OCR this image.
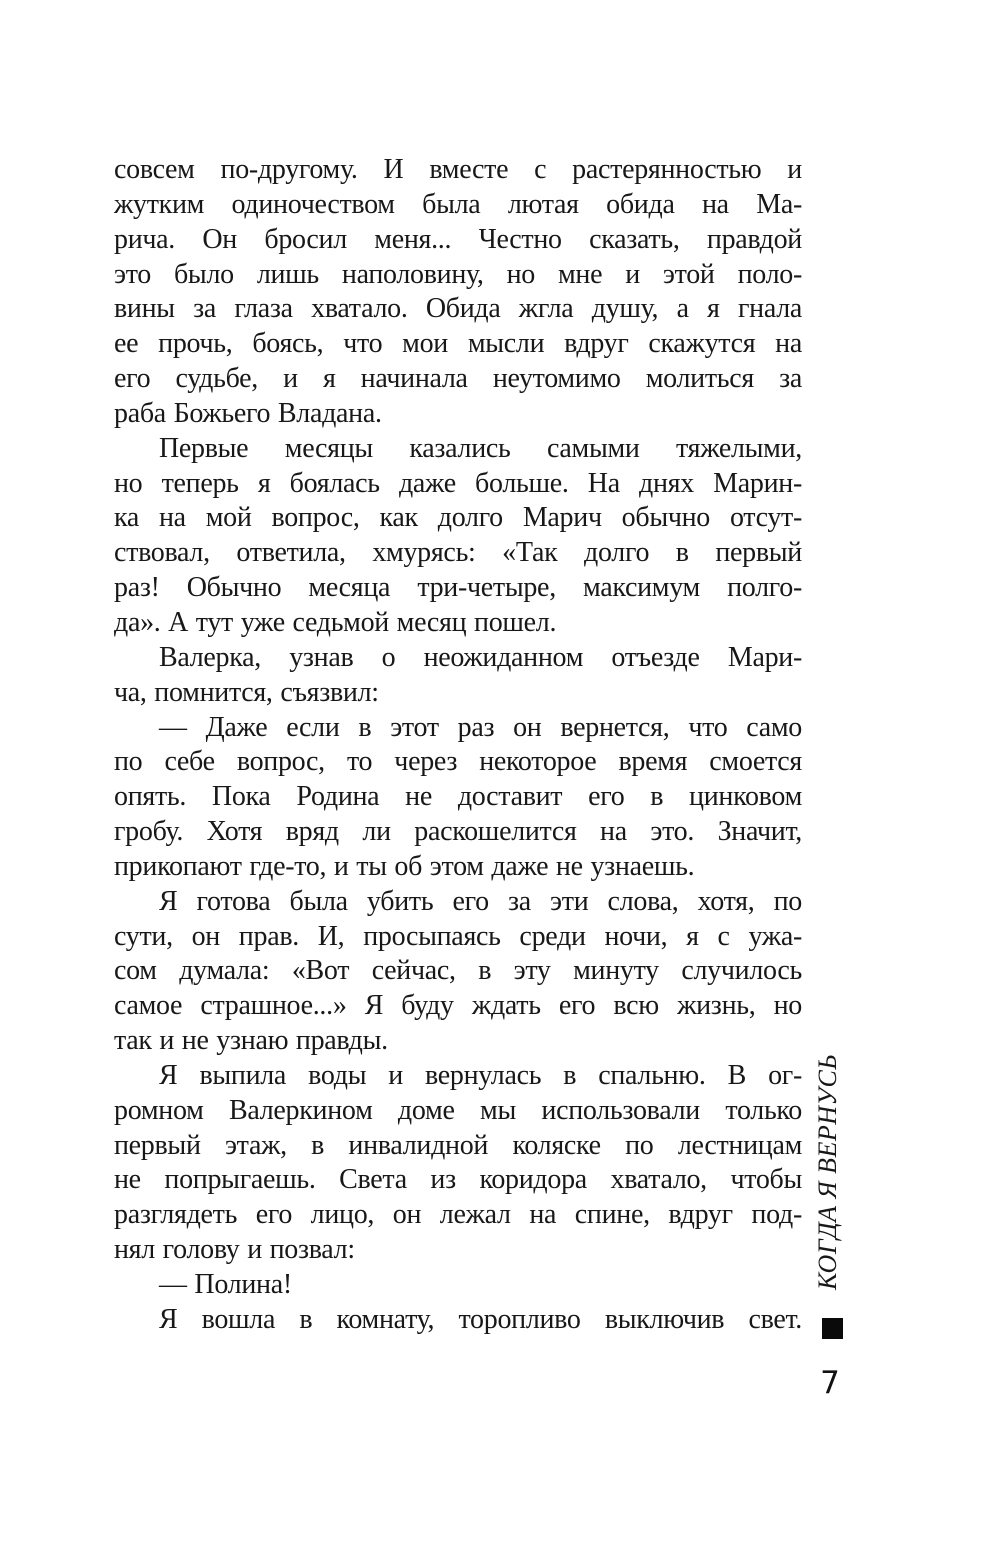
совсем по-другому. И вместе с растерянностью и
жутким одиночеством была лютая обида на Ма-
рича. Он бросил меня... Честно сказать, правдой
это было лишь наполовину, но мне и этой поло-
вины за глаза хватало. Обида жгла душу, а я гнала
ее прочь, боясь, что мои мысли вдруг скажутся на
его судьбе, и я начинала неутомимо молиться за
раба Божьего Владана.
Первые месяцы казались самыми тяжелыми,
но теперь я боялась даже больше. На днях Марин-
ка на мой вопрос, как долго Марич обычно отсут-
ствовал, ответила, хмурясь: «Так долго в первый
раз! Обычно месяца три-четыре, максимум полго-
да». А тут уже седьмой месяц пошел.
Валерка, узнав о неожиданном отъезде Мари-
ча, помнится, съязвил:
— Даже если в этот раз он вернется, что само
по себе вопрос, то через некоторое время смоется
опять. Пока Родина не доставит его в цинковом
гробу. Хотя вряд ли раскошелится на это. Значит,
прикопают где-то, и ты об этом даже не узнаешь.
Я готова была убить его за эти слова, хотя, по
сути, он прав. И, просыпаясь среди ночи, я с ужа-
сом думала: «Вот сейчас, в эту минуту случилось
самое страшное...» Я буду ждать его всю жизнь, но
так и не узнаю правды.
Я выпила воды и вернулась в спальню. В ог-
ромном Валеркином доме мы использовали только
первый этаж, в инвалидной коляске по лестницам
не попрыгаешь. Света из коридора хватало, чтобы
разглядеть его лицо, он лежал на спине, вдруг под-
нял голову и позвал:
— Полина!
Я вошла в комнату, торопливо выключив свет.
КОГДА Я ВЕРНУСЬ
7
